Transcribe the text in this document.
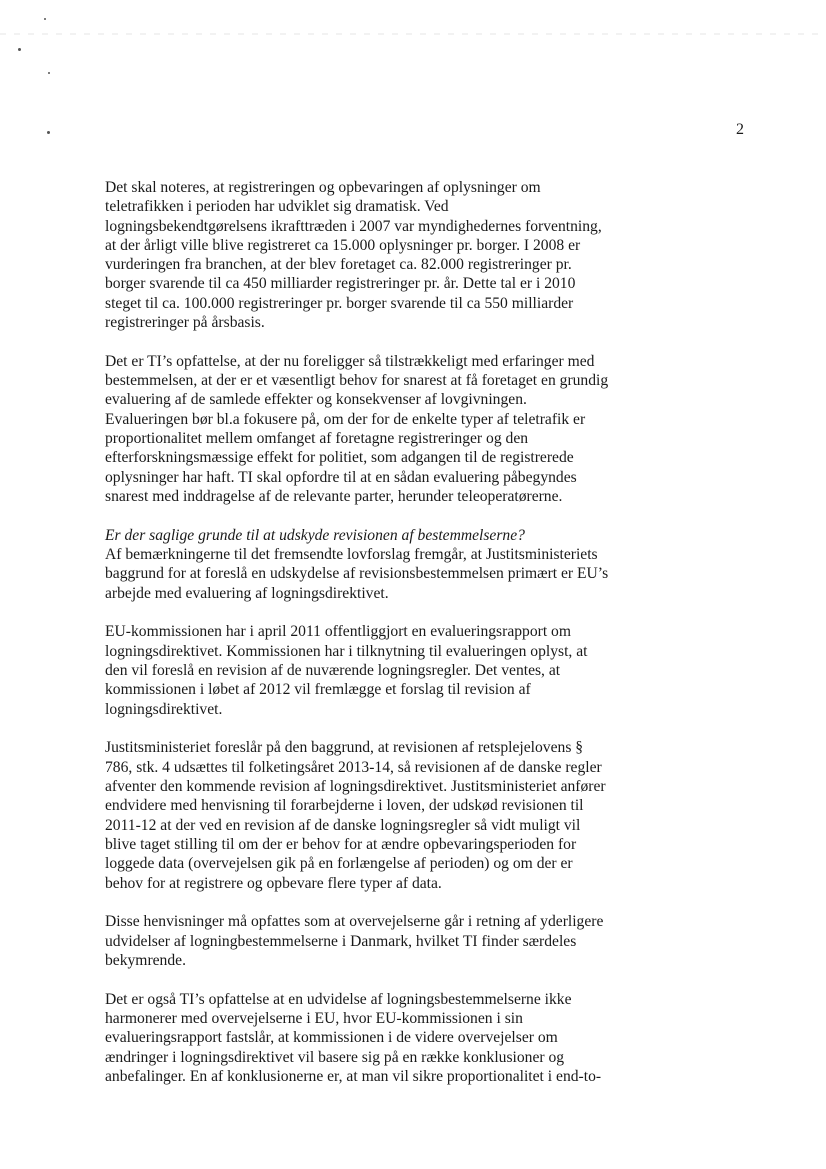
2

Det skal noteres, at registreringen og opbevaringen af oplysninger om
teletrafikken i perioden har udviklet sig dramatisk. Ved
logningsbekendtgørelsens ikrafttræden i 2007 var myndighedernes forventning,
at der årligt ville blive registreret ca 15.000 oplysninger pr. borger. I 2008 er
vurderingen fra branchen, at der blev foretaget ca. 82.000 registreringer pr.
borger svarende til ca 450 milliarder registreringer pr. år. Dette tal er i 2010
steget til ca. 100.000 registreringer pr. borger svarende til ca 550 milliarder
registreringer på årsbasis.

Det er TI’s opfattelse, at der nu foreligger så tilstrækkeligt med erfaringer med
bestemmelsen, at der er et væsentligt behov for snarest at få foretaget en grundig
evaluering af de samlede effekter og konsekvenser af lovgivningen.
Evalueringen bør bl.a fokusere på, om der for de enkelte typer af teletrafik er
proportionalitet mellem omfanget af foretagne registreringer og den
efterforskningsmæssige effekt for politiet, som adgangen til de registrerede
oplysninger har haft. TI skal opfordre til at en sådan evaluering påbegyndes
snarest med inddragelse af de relevante parter, herunder teleoperatørerne.

Er der saglige grunde til at udskyde revisionen af bestemmelserne?
Af bemærkningerne til det fremsendte lovforslag fremgår, at Justitsministeriets
baggrund for at foreslå en udskydelse af revisionsbestemmelsen primært er EU’s
arbejde med evaluering af logningsdirektivet.

EU-kommissionen har i april 2011 offentliggjort en evalueringsrapport om
logningsdirektivet. Kommissionen har i tilknytning til evalueringen oplyst, at
den vil foreslå en revision af de nuværende logningsregler. Det ventes, at
kommissionen i løbet af 2012 vil fremlægge et forslag til revision af
logningsdirektivet.

Justitsministeriet foreslår på den baggrund, at revisionen af retsplejelovens §
786, stk. 4 udsættes til folketingsåret 2013-14, så revisionen af de danske regler
afventer den kommende revision af logningsdirektivet. Justitsministeriet anfører
endvidere med henvisning til forarbejderne i loven, der udskød revisionen til
2011-12 at der ved en revision af de danske logningsregler så vidt muligt vil
blive taget stilling til om der er behov for at ændre opbevaringsperioden for
loggede data (overvejelsen gik på en forlængelse af perioden) og om der er
behov for at registrere og opbevare flere typer af data.

Disse henvisninger må opfattes som at overvejelserne går i retning af yderligere
udvidelser af logningbestemmelserne i Danmark, hvilket TI finder særdeles
bekymrende.

Det er også TI’s opfattelse at en udvidelse af logningsbestemmelserne ikke
harmonerer med overvejelserne i EU, hvor EU-kommissionen i sin
evalueringsrapport fastslår, at kommissionen i de videre overvejelser om
ændringer i logningsdirektivet vil basere sig på en række konklusioner og
anbefalinger. En af konklusionerne er, at man vil sikre proportionalitet i end-to-
